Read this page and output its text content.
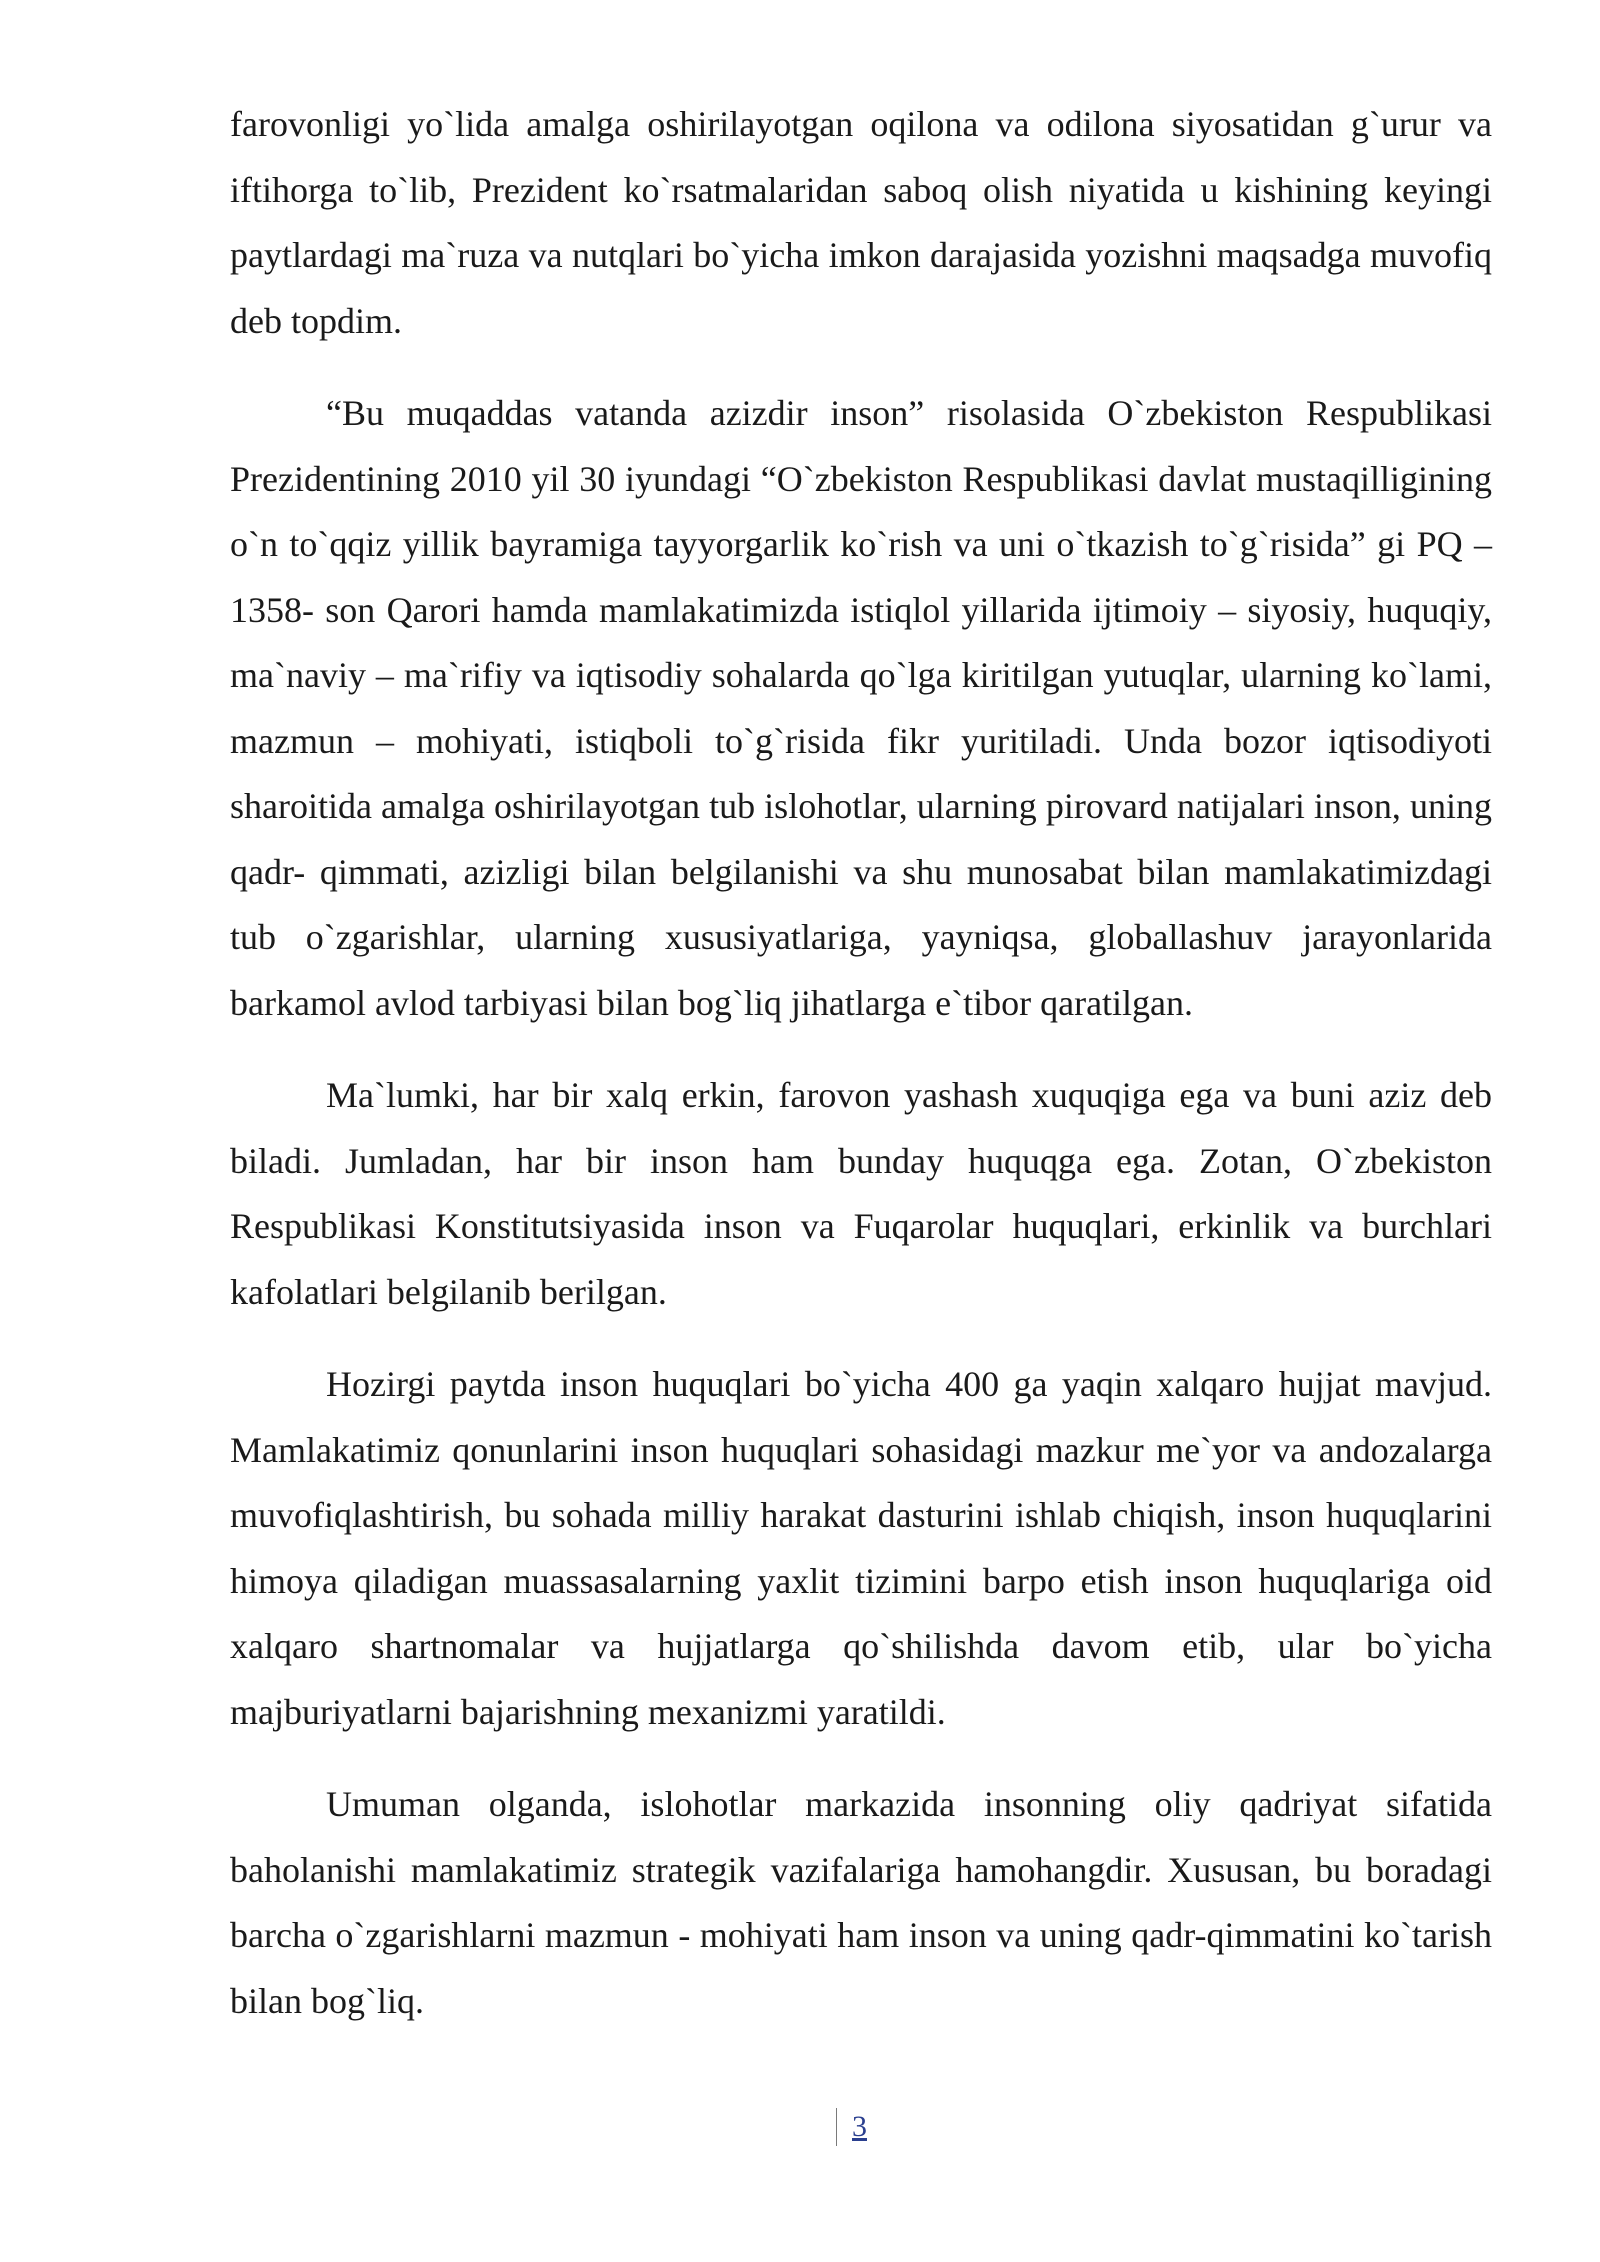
farovonligi yo`lida amalga oshirilayotgan oqilona va odilona siyosatidan g`urur va iftihorga to`lib, Prezident ko`rsatmalaridan saboq olish niyatida u kishining keyingi paytlardagi ma`ruza va nutqlari bo`yicha imkon darajasida yozishni maqsadga muvofiq deb topdim.

“Bu muqaddas vatanda azizdir inson” risolasida O`zbekiston Respublikasi Prezidentining 2010 yil 30 iyundagi “O`zbekiston Respublikasi davlat mustaqilligining o`n to`qqiz yillik bayramiga tayyorgarlik ko`rish va uni o`tkazish to`g`risida” gi PQ – 1358- son Qarori hamda mamlakatimizda istiqlol yillarida ijtimoiy – siyosiy, huquqiy, ma`naviy – ma`rifiy va iqtisodiy sohalarda qo`lga kiritilgan yutuqlar, ularning ko`lami, mazmun – mohiyati, istiqboli to`g`risida fikr yuritiladi. Unda bozor iqtisodiyoti sharoitida amalga oshirilayotgan tub islohotlar, ularning pirovard natijalari inson, uning qadr- qimmati, azizligi bilan belgilanishi va shu munosabat bilan mamlakatimizdagi tub o`zgarishlar, ularning xususiyatlariga, yayniqsa, globallashuv jarayonlarida barkamol avlod tarbiyasi bilan bog`liq jihatlarga e`tibor qaratilgan.

Ma`lumki, har bir xalq erkin, farovon yashash xuquqiga ega va buni aziz deb biladi. Jumladan, har bir inson ham bunday huquqga ega. Zotan, O`zbekiston Respublikasi Konstitutsiyasida inson va Fuqarolar huquqlari, erkinlik va burchlari kafolatlari belgilanib berilgan.

Hozirgi paytda inson huquqlari bo`yicha 400 ga yaqin xalqaro hujjat mavjud. Mamlakatimiz qonunlarini inson huquqlari sohasidagi mazkur me`yor va andozalarga muvofiqlashtirish, bu sohada milliy harakat dasturini ishlab chiqish, inson huquqlarini himoya qiladigan muassasalarning yaxlit tizimini barpo etish inson huquqlariga oid xalqaro shartnomalar va hujjatlarga qo`shilishda davom etib, ular bo`yicha majburiyatlarni bajarishning mexanizmi yaratildi.

Umuman olganda, islohotlar markazida insonning oliy qadriyat sifatida baholanishi mamlakatimiz strategik vazifalariga hamohangdir. Xususan, bu boradagi barcha o`zgarishlarni mazmun - mohiyati ham inson va uning qadr-qimmatini ko`tarish bilan bog`liq.

3
